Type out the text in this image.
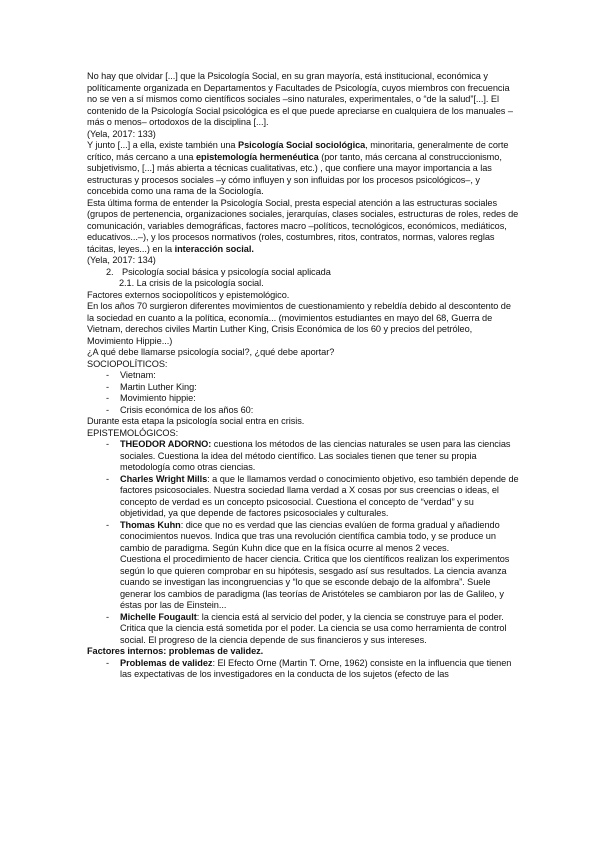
No hay que olvidar [...] que la Psicología Social, en su gran mayoría, está institucional, económica y políticamente organizada en Departamentos y Facultades de Psicología, cuyos miembros con frecuencia no se ven a sí mismos como científicos sociales –sino naturales, experimentales, o “de la salud”[...]. El contenido de la Psicología Social psicológica es el que puede apreciarse en cualquiera de los manuales –más o menos– ortodoxos de la disciplina [...].

(Yela, 2017: 133)

Y junto [...] a ella, existe también una Psicología Social sociológica, minoritaria, generalmente de corte crítico, más cercano a una epistemología hermenéutica (por tanto, más cercana al construccionismo, subjetivismo, [...] más abierta a técnicas cualitativas, etc.) , que confiere una mayor importancia a las estructuras y procesos sociales –y cómo influyen y son influidas por los procesos psicológicos–, y concebida como una rama de la Sociología.

Esta última forma de entender la Psicología Social, presta especial atención a las estructuras sociales (grupos de pertenencia, organizaciones sociales, jerarquías, clases sociales, estructuras de roles, redes de comunicación, variables demográficas, factores macro –políticos, tecnológicos, económicos, mediáticos, educativos...–), y los procesos normativos (roles, costumbres, ritos, contratos, normas, valores reglas tácitas, leyes...) en la interacción social.

(Yela, 2017: 134)

2. Psicología social básica y psicología social aplicada
2.1. La crisis de la psicología social.

Factores externos sociopolíticos y epistemológico.

En los años 70 surgieron diferentes movimientos de cuestionamiento y rebeldía debido al descontento de la sociedad en cuanto a la política, economía... (movimientos estudiantes en mayo del 68, Guerra de Vietnam, derechos civiles Martin Luther King, Crisis Económica de los 60 y precios del petróleo, Movimiento Hippie...)

¿A qué debe llamarse psicología social?, ¿qué debe aportar?

SOCIOPOLÍTICOS:

-	Vietnam:

-	Martin Luther King:

-	Movimiento hippie:

-	Crisis económica de los años 60:

Durante esta etapa la psicología social entra en crisis.

EPISTEMOLÓGICOS:

-	THEODOR ADORNO: cuestiona los métodos de las ciencias naturales se usen para las ciencias sociales. Cuestiona la idea del método científico. Las sociales tienen que tener su propia metodología como otras ciencias.

-	Charles Wright Mills: a que le llamamos verdad o conocimiento objetivo, eso también depende de factores psicosociales. Nuestra sociedad llama verdad a X cosas por sus creencias o ideas, el concepto de verdad es un concepto psicosocial. Cuestiona el concepto de “verdad” y su objetividad, ya que depende de factores psicosociales y culturales.

-	Thomas Kuhn: dice que no es verdad que las ciencias evalúen de forma gradual y añadiendo conocimientos nuevos. Indica que tras una revolución científica cambia todo, y se produce un cambio de paradigma. Según Kuhn dice que en la física ocurre al menos 2 veces.

Cuestiona el procedimiento de hacer ciencia. Critica que los científicos realizan los experimentos según lo que quieren comprobar en su hipótesis, sesgado así sus resultados. La ciencia avanza cuando se investigan las incongruencias y “lo que se esconde debajo de la alfombra”. Suele generar los cambios de paradigma (las teorías de Aristóteles se cambiaron por las de Galileo, y éstas por las de Einstein...

-	Michelle Fougault: la ciencia está al servicio del poder, y la ciencia se construye para el poder. Critica que la ciencia está sometida por el poder. La ciencia se usa como herramienta de control social. El progreso de la ciencia depende de sus financieros y sus intereses.

Factores internos: problemas de validez.

-	Problemas de validez: El Efecto Orne (Martin T. Orne, 1962) consiste en la influencia que tienen las expectativas de los investigadores en la conducta de los sujetos (efecto de las
